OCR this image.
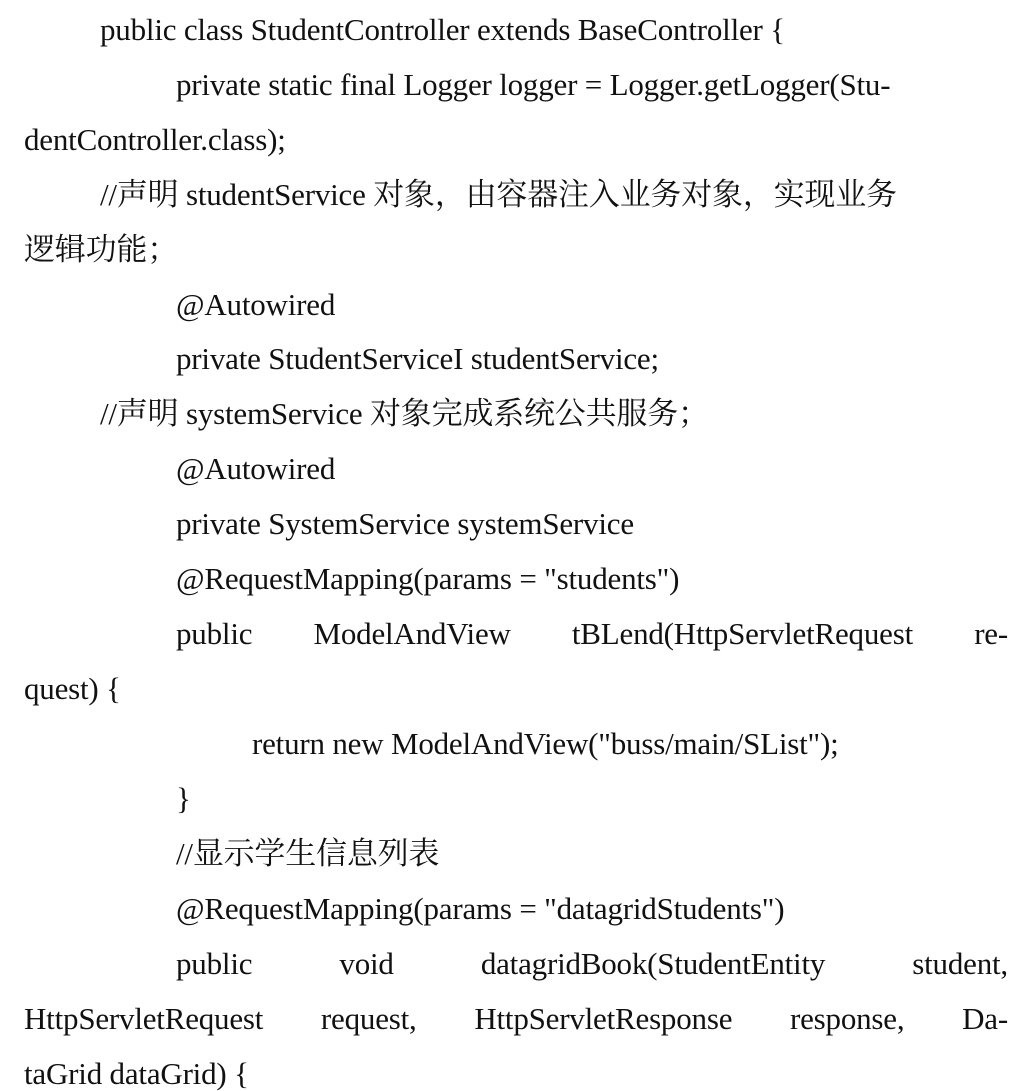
public class StudentController extends BaseController {
private static final Logger logger = Logger.getLogger(Stu-
dentController.class);
//声明 studentService 对象，由容器注入业务对象，实现业务
逻辑功能；
@Autowired
private StudentServiceI studentService;
//声明 systemService 对象完成系统公共服务；
@Autowired
private SystemService systemService
@RequestMapping(params = "students")
public ModelAndView tBLend(HttpServletRequest re-
quest) {
return new ModelAndView("buss/main/SList");
}
//显示学生信息列表
@RequestMapping(params = "datagridStudents")
public	void	datagridBook(StudentEntity	student,
HttpServletRequest request, HttpServletResponse response, Da-
taGrid dataGrid) {
